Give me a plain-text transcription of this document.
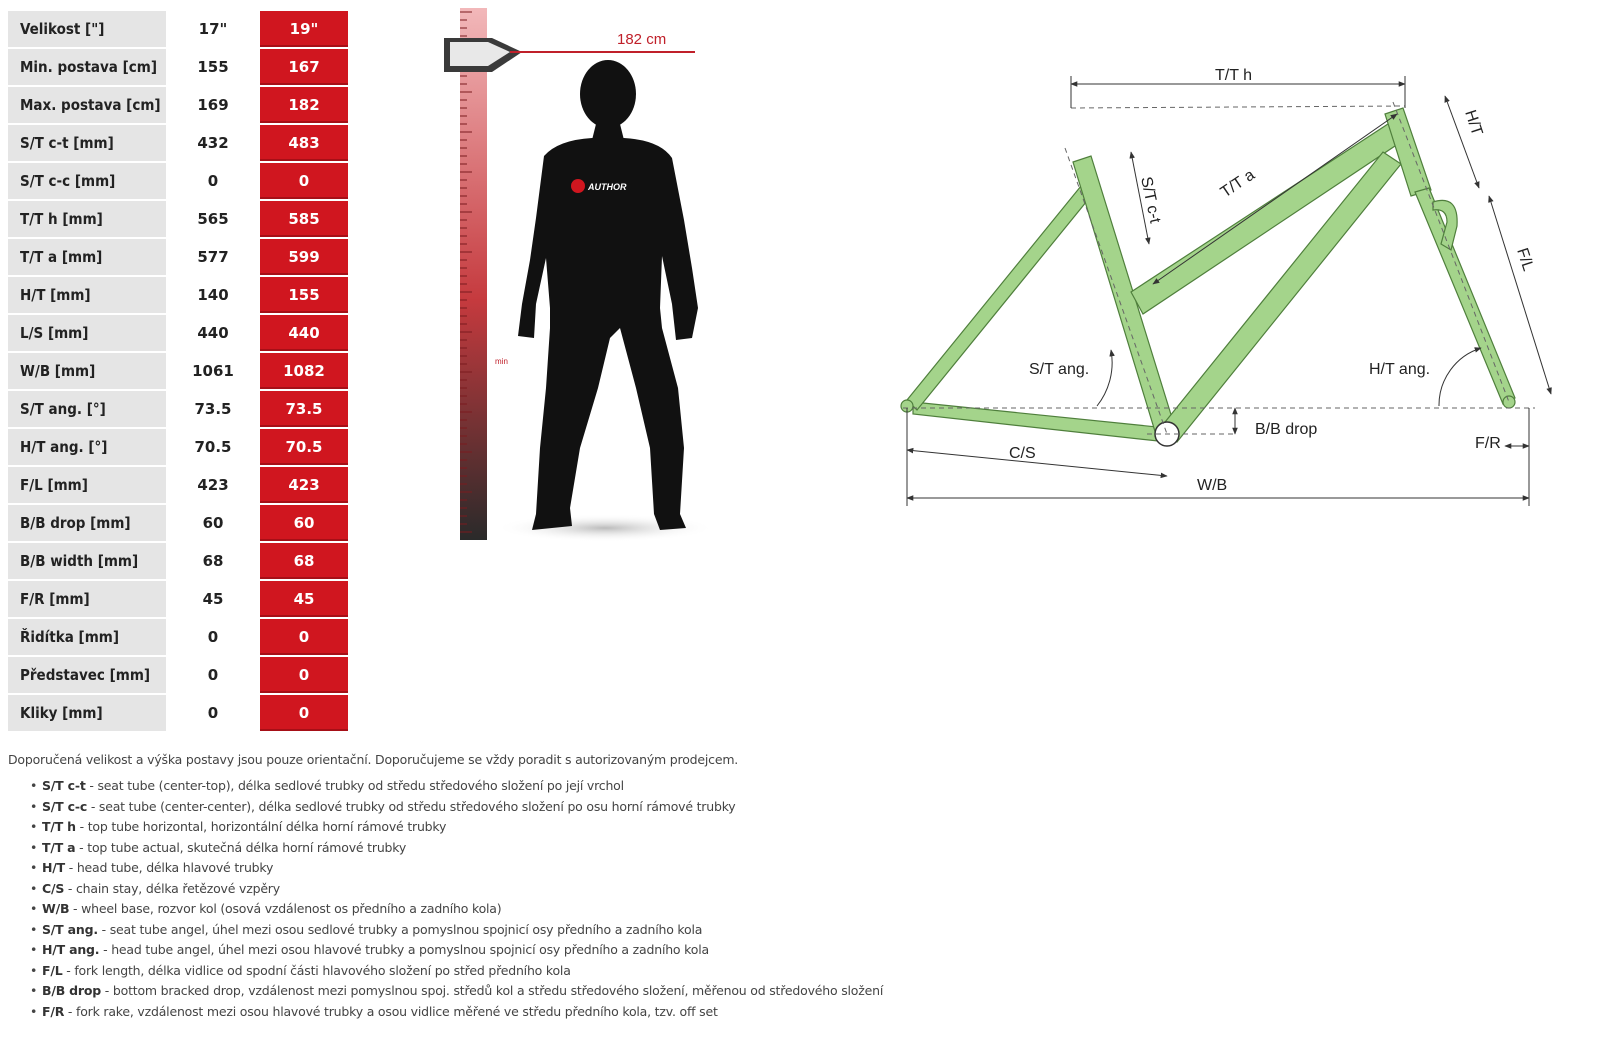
Velikost ["]	17"	19"
Min. postava [cm]	155	167
Max. postava [cm]	169	182
S/T c-t [mm]	432	483
S/T c-c [mm]	0	0
T/T h [mm]	565	585
T/T a [mm]	577	599
H/T [mm]	140	155
L/S [mm]	440	440
W/B [mm]	1061	1082
S/T ang. [°]	73.5	73.5
H/T ang. [°]	70.5	70.5
F/L [mm]	423	423
B/B drop [mm]	60	60
B/B width [mm]	68	68
F/R [mm]	45	45
Řidítka [mm]	0	0
Představec [mm]	0	0
Kliky [mm]	0	0
182 cm
min
AUTHOR
T/T h
T/T a
S/T c-t
H/T
F/L
S/T ang.	H/T ang.
B/B drop
C/S
F/R
W/B

Doporučená velikost a výška postavy jsou pouze orientační. Doporučujeme se vždy poradit s autorizovaným prodejcem.

• S/T c-t - seat tube (center-top), délka sedlové trubky od středu středového složení po její vrchol
• S/T c-c - seat tube (center-center), délka sedlové trubky od středu středového složení po osu horní rámové trubky
• T/T h - top tube horizontal, horizontální délka horní rámové trubky
• T/T a - top tube actual, skutečná délka horní rámové trubky
• H/T - head tube, délka hlavové trubky
• C/S - chain stay, délka řetězové vzpěry
• W/B - wheel base, rozvor kol (osová vzdálenost os předního a zadního kola)
• S/T ang. - seat tube angel, úhel mezi osou sedlové trubky a pomyslnou spojnicí osy předního a zadního kola
• H/T ang. - head tube angel, úhel mezi osou hlavové trubky a pomyslnou spojnicí osy předního a zadního kola
• F/L - fork length, délka vidlice od spodní části hlavového složení po střed předního kola
• B/B drop - bottom bracked drop, vzdálenost mezi pomyslnou spoj. středů kol a středu středového složení, měřenou od středového složení
• F/R - fork rake, vzdálenost mezi osou hlavové trubky a osou vidlice měřené ve středu předního kola, tzv. off set
